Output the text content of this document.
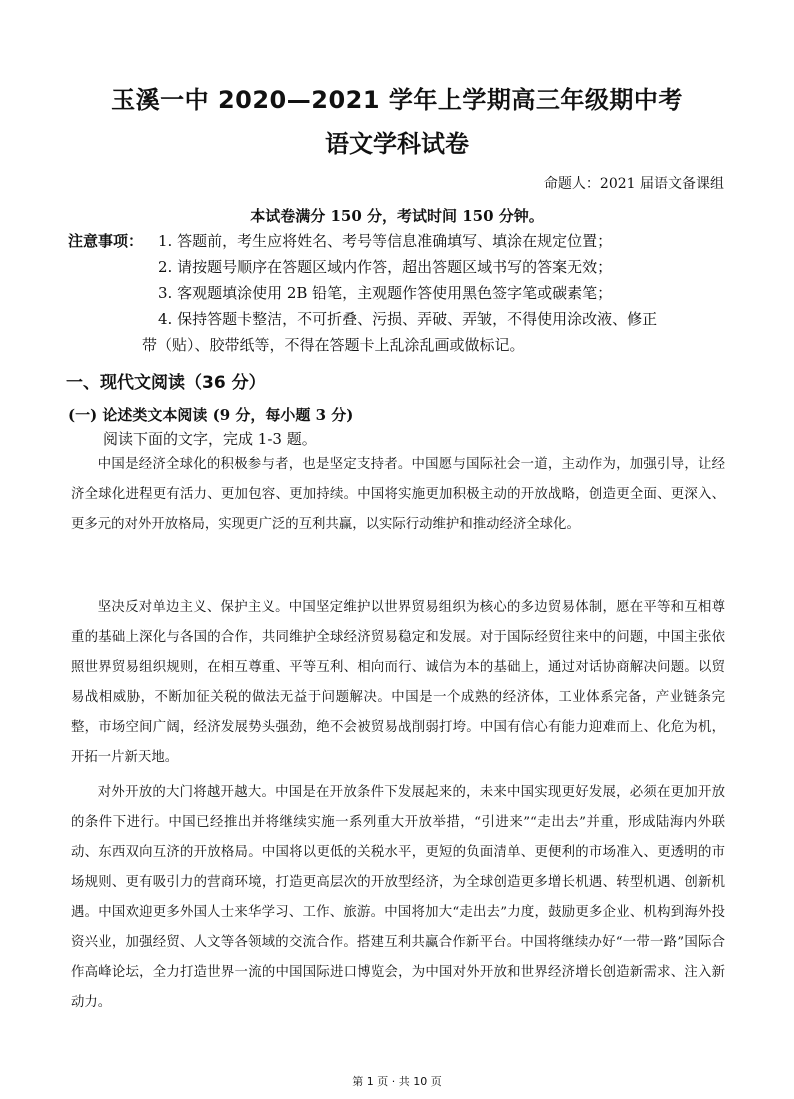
玉溪一中 2020—2021 学年上学期高三年级期中考
语文学科试卷
命题人：2021 届语文备课组
本试卷满分 150 分，考试时间 150 分钟。
注意事项： 1. 答题前，考生应将姓名、考号等信息准确填写、填涂在规定位置；
2. 请按题号顺序在答题区域内作答，超出答题区域书写的答案无效；
3. 客观题填涂使用 2B 铅笔，主观题作答使用黑色签字笔或碳素笔；
4. 保持答题卡整洁，不可折叠、污损、弄破、弄皱，不得使用涂改液、修正
带（贴）、胶带纸等，不得在答题卡上乱涂乱画或做标记。
一、现代文阅读（36 分）
(一) 论述类文本阅读 (9 分，每小题 3 分)
阅读下面的文字，完成 1-3 题。
中国是经济全球化的积极参与者，也是坚定支持者。中国愿与国际社会一道，主动作为，加强引导，让经济全球化进程更有活力、更加包容、更加持续。中国将实施更加积极主动的开放战略，创造更全面、更深入、更多元的对外开放格局，实现更广泛的互利共赢，以实际行动维护和推动经济全球化。
坚决反对单边主义、保护主义。中国坚定维护以世界贸易组织为核心的多边贸易体制，愿在平等和互相尊重的基础上深化与各国的合作，共同维护全球经济贸易稳定和发展。对于国际经贸往来中的问题，中国主张依照世界贸易组织规则，在相互尊重、平等互利、相向而行、诚信为本的基础上，通过对话协商解决问题。以贸易战相威胁，不断加征关税的做法无益于问题解决。中国是一个成熟的经济体，工业体系完备，产业链条完整，市场空间广阔，经济发展势头强劲，绝不会被贸易战削弱打垮。中国有信心有能力迎难而上、化危为机，开拓一片新天地。
对外开放的大门将越开越大。中国是在开放条件下发展起来的，未来中国实现更好发展，必须在更加开放的条件下进行。中国已经推出并将继续实施一系列重大开放举措，“引进来”“走出去”并重，形成陆海内外联动、东西双向互济的开放格局。中国将以更低的关税水平，更短的负面清单、更便利的市场准入、更透明的市场规则、更有吸引力的营商环境，打造更高层次的开放型经济，为全球创造更多增长机遇、转型机遇、创新机遇。中国欢迎更多外国人士来华学习、工作、旅游。中国将加大“走出去”力度，鼓励更多企业、机构到海外投资兴业，加强经贸、人文等各领域的交流合作。搭建互利共赢合作新平台。中国将继续办好“一带一路”国际合作高峰论坛，全力打造世界一流的中国国际进口博览会，为中国对外开放和世界经济增长创造新需求、注入新动力。
第 1 页 · 共 10 页
